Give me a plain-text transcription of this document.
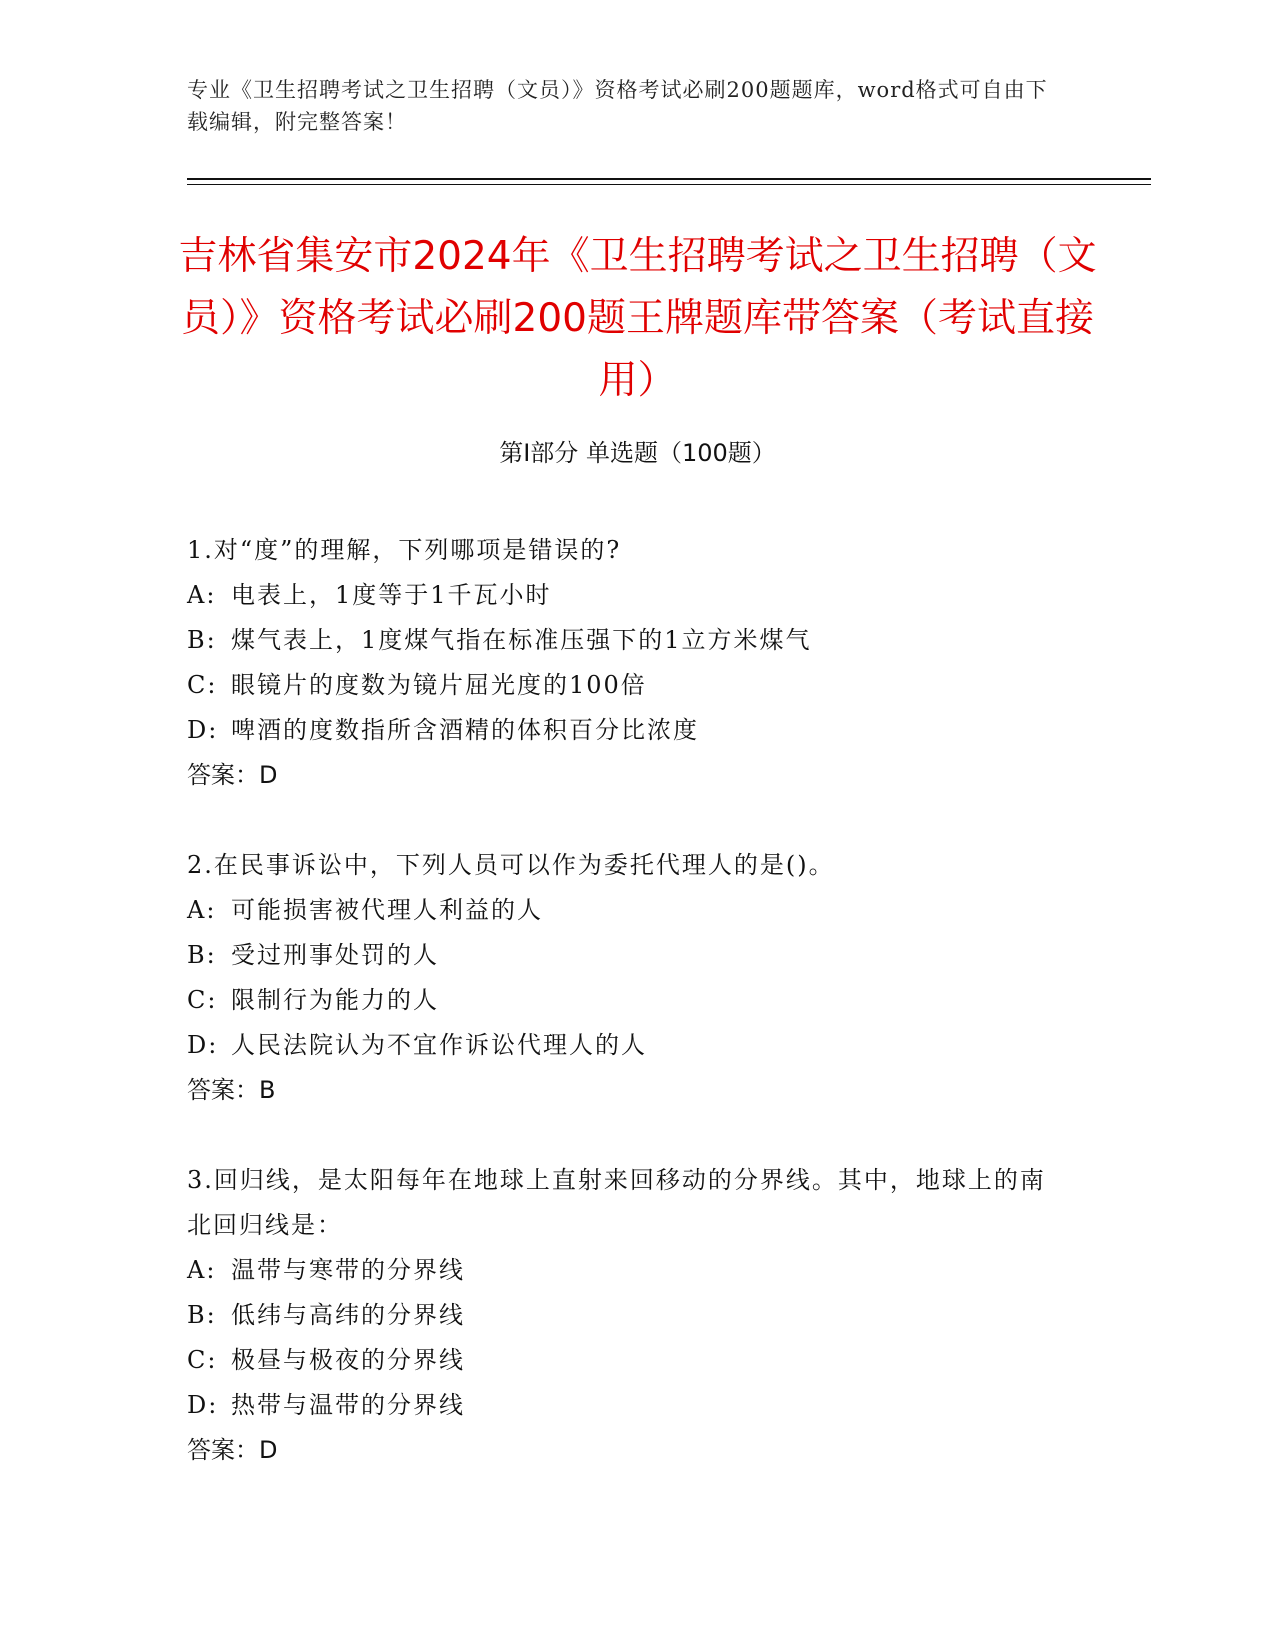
专业《卫生招聘考试之卫生招聘（文员）》资格考试必刷200题题库，word格式可自由下载编辑，附完整答案！
吉林省集安市2024年《卫生招聘考试之卫生招聘（文员）》资格考试必刷200题王牌题库带答案（考试直接用）
第I部分 单选题（100题）

1.对“度”的理解，下列哪项是错误的?

A: 电表上，1度等于1千瓦小时

B: 煤气表上，1度煤气指在标准压强下的1立方米煤气

C: 眼镜片的度数为镜片屈光度的100倍

D: 啤酒的度数指所含酒精的体积百分比浓度

答案：D

2.在民事诉讼中，下列人员可以作为委托代理人的是()。

A: 可能损害被代理人利益的人

B: 受过刑事处罚的人

C: 限制行为能力的人

D: 人民法院认为不宜作诉讼代理人的人

答案：B

3.回归线，是太阳每年在地球上直射来回移动的分界线。其中，地球上的南北回归线是：

A: 温带与寒带的分界线

B: 低纬与高纬的分界线

C: 极昼与极夜的分界线

D: 热带与温带的分界线

答案：D
